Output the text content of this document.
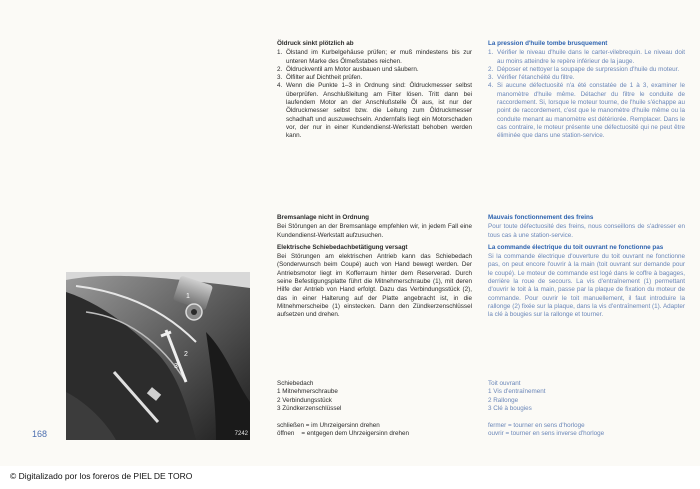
Öldruck sinkt plötzlich ab
1. Ölstand im Kurbelgehäuse prüfen; er muß mindestens bis zur unteren Marke des Ölmeßstabes reichen.
2. Öldruckventil am Motor ausbauen und säubern.
3. Ölfilter auf Dichtheit prüfen.
4. Wenn die Punkte 1–3 in Ordnung sind: Öldruckmesser selbst überprüfen. Anschlußleitung am Filter lösen. Tritt dann bei laufendem Motor an der Anschlußstelle Öl aus, ist nur der Öldruckmesser selbst bzw. die Leitung zum Öldruckmesser schadhaft und auszuwechseln. Andernfalls liegt ein Motorschaden vor, der nur in einer Kundendienst-Werkstatt behoben werden kann.
La pression d'huile tombe brusquement
1. Vérifier le niveau d'huile dans le carter-vilebrequin. Le niveau doit au moins atteindre le repère inférieur de la jauge.
2. Déposer et nettoyer la soupape de surpression d'huile du moteur.
3. Vérifier l'étanchéité du filtre.
4. Si aucune défectuosité n'a été constatée de 1 à 3, examiner le manomètre d'huile même. Détacher du filtre le conduite de raccordement. Si, lorsque le moteur tourne, de l'huile s'échappe au point de raccordement, c'est que le manomètre d'huile même ou la conduite menant au manomètre est détériorée. Remplacer. Dans le cas contraire, le moteur présente une défectuosité qui ne peut être éliminée que dans une station-service.
Bremsanlage nicht in Ordnung

Bei Störungen an der Bremsanlage empfehlen wir, in jedem Fall eine Kundendienst-Werkstatt aufzusuchen.

Elektrische Schiebedachbetätigung versagt

Bei Störungen am elektrischen Antrieb kann das Schiebedach (Sonderwunsch beim Coupé) auch von Hand bewegt werden. Der Antriebsmotor liegt im Kofferraum hinter dem Reserverad. Durch seine Befestigungsplatte führt die Mitnehmerschraube (1), mit deren Hilfe der Antrieb von Hand erfolgt. Dazu das Verbindungsstück (2), das in einer Halterung auf der Platte angebracht ist, in die Mitnehmerscheibe (1) einstecken. Dann den Zündkerzenschlüssel aufsetzen und drehen.

Mauvais fonctionnement des freins

Pour toute défectuosité des freins, nous conseillons de s'adresser en tous cas à une station-service.

La commande électrique du toit ouvrant ne fonctionne pas

Si la commande électrique d'ouverture du toit ouvrant ne fonctionne pas, on peut encore l'ouvrir à la main (toit ouvrant sur demande pour le coupé). Le moteur de commande est logé dans le coffre à bagages, derrière la roue de secours. La vis d'entraînement (1) permettant d'ouvrir le toit à la main, passe par la plaque de fixation du moteur de commande. Pour ouvrir le toit manuellement, il faut introduire la rallonge (2) fixée sur la plaque, dans la vis d'entraînement (1). Adapter la clé à bougies sur la rallonge et tourner.

Schiebedach
1 Mitnehmerschraube
2 Verbindungsstück
3 Zündkerzenschlüssel
schließen = im Uhrzeigersinn drehen
öffnen    = entgegen dem Uhrzeigersinn drehen
Toit ouvrant
1 Vis d'entraînement
2 Rallonge
3 Clé à bougies
fermer = tourner en sens d'horloge
ouvrir = tourner en sens inverse d'horloge
1
2
3
7242
168
© Digitalizado por los foreros de PIEL DE TORO
